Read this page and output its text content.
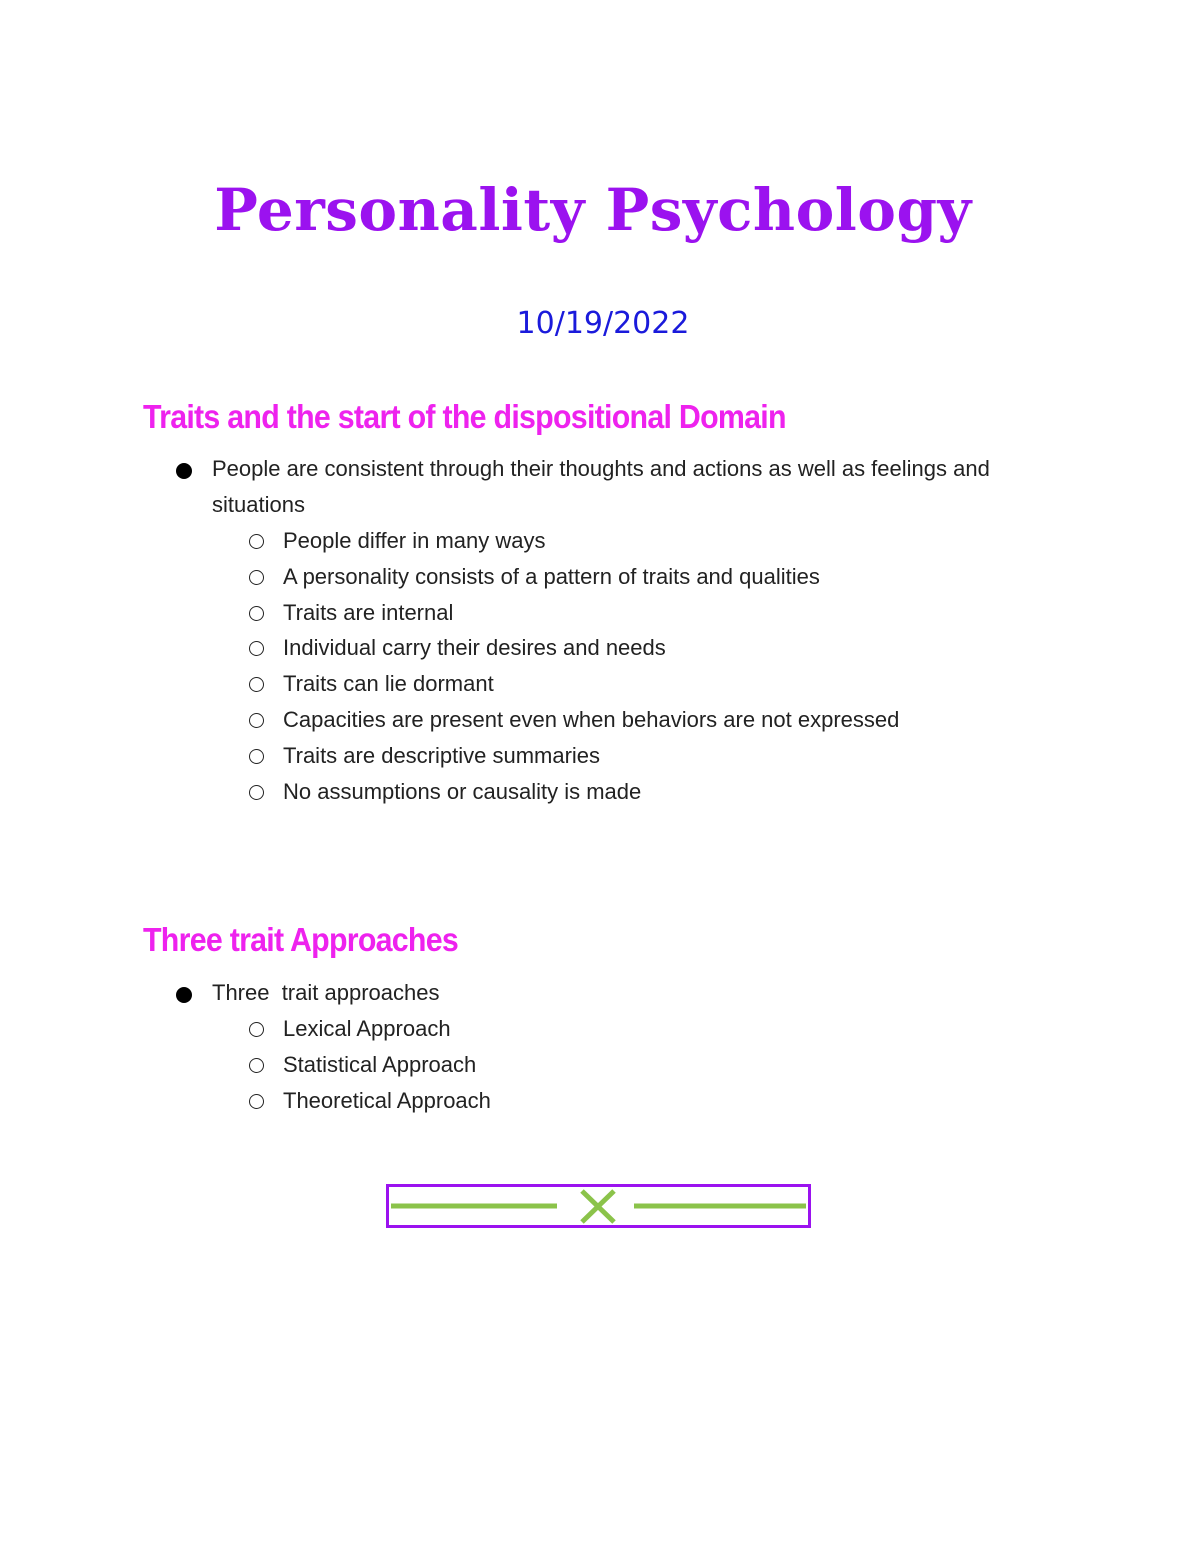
Personality Psychology
10/19/2022
Traits and the start of the dispositional Domain
People are consistent through their thoughts and actions as well as feelings and situations
People differ in many ways
A personality consists of a pattern of traits and qualities
Traits are internal
Individual carry their desires and needs
Traits can lie dormant
Capacities are present even when behaviors are not expressed
Traits are descriptive summaries
No assumptions or causality is made
Three trait Approaches
Three  trait approaches
Lexical Approach
Statistical Approach
Theoretical Approach
